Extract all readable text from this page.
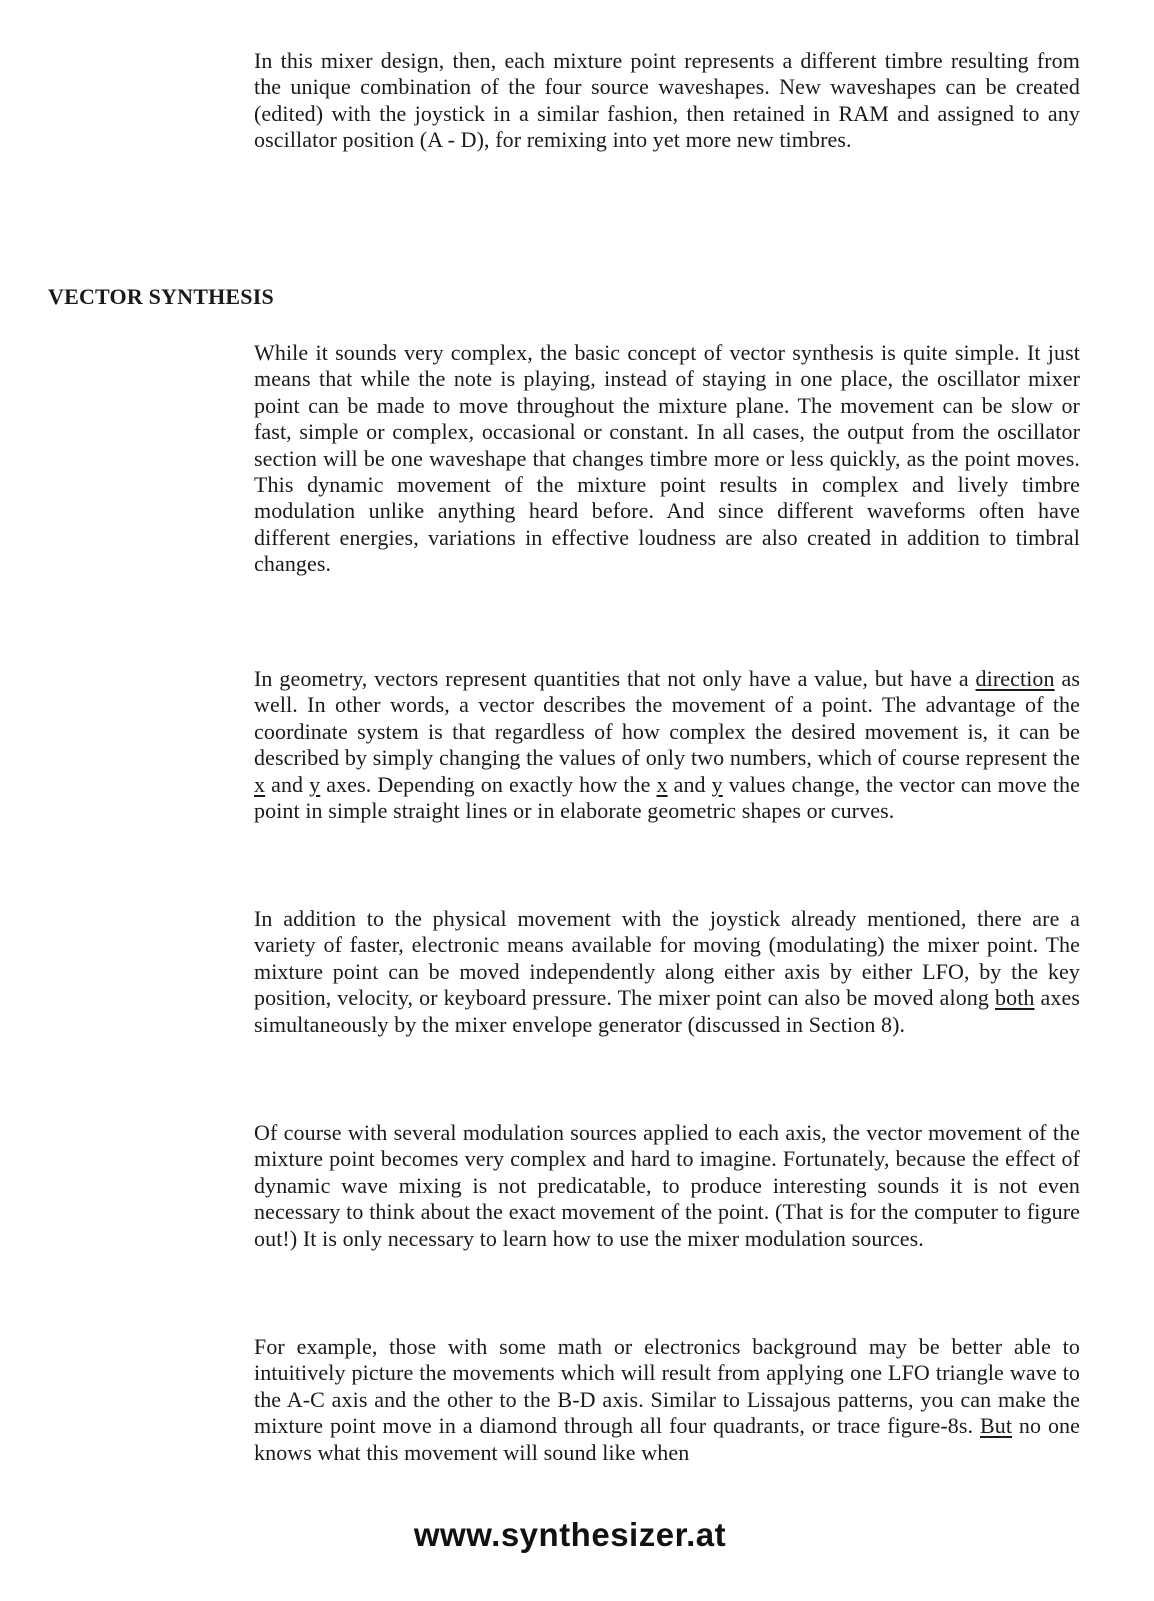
In this mixer design, then, each mixture point represents a different timbre resulting from the unique combination of the four source waveshapes. New waveshapes can be created (edited) with the joystick in a similar fashion, then retained in RAM and assigned to any oscillator position (A - D), for remixing into yet more new timbres.

VECTOR SYNTHESIS

While it sounds very complex, the basic concept of vector synthesis is quite simple. It just means that while the note is playing, instead of staying in one place, the oscillator mixer point can be made to move throughout the mixture plane. The movement can be slow or fast, simple or complex, occasional or constant. In all cases, the output from the oscillator section will be one waveshape that changes timbre more or less quickly, as the point moves. This dynamic movement of the mixture point results in complex and lively timbre modulation unlike anything heard before. And since different waveforms often have different energies, variations in effective loudness are also created in addition to timbral changes.

In geometry, vectors represent quantities that not only have a value, but have a direction as well. In other words, a vector describes the movement of a point. The advantage of the coordinate system is that regardless of how complex the desired movement is, it can be described by simply changing the values of only two numbers, which of course represent the x and y axes. Depending on exactly how the x and y values change, the vector can move the point in simple straight lines or in elaborate geometric shapes or curves.

In addition to the physical movement with the joystick already mentioned, there are a variety of faster, electronic means available for moving (modulating) the mixer point. The mixture point can be moved independently along either axis by either LFO, by the key position, velocity, or keyboard pressure. The mixer point can also be moved along both axes simultaneously by the mixer envelope generator (discussed in Section 8).

Of course with several modulation sources applied to each axis, the vector movement of the mixture point becomes very complex and hard to imagine. Fortunately, because the effect of dynamic wave mixing is not predicatable, to produce interesting sounds it is not even necessary to think about the exact movement of the point. (That is for the computer to figure out!) It is only necessary to learn how to use the mixer modulation sources.

For example, those with some math or electronics background may be better able to intuitively picture the movements which will result from applying one LFO triangle wave to the A-C axis and the other to the B-D axis. Similar to Lissajous patterns, you can make the mixture point move in a diamond through all four quadrants, or trace figure-8s. But no one knows what this movement will sound like when

www.synthesizer.at
